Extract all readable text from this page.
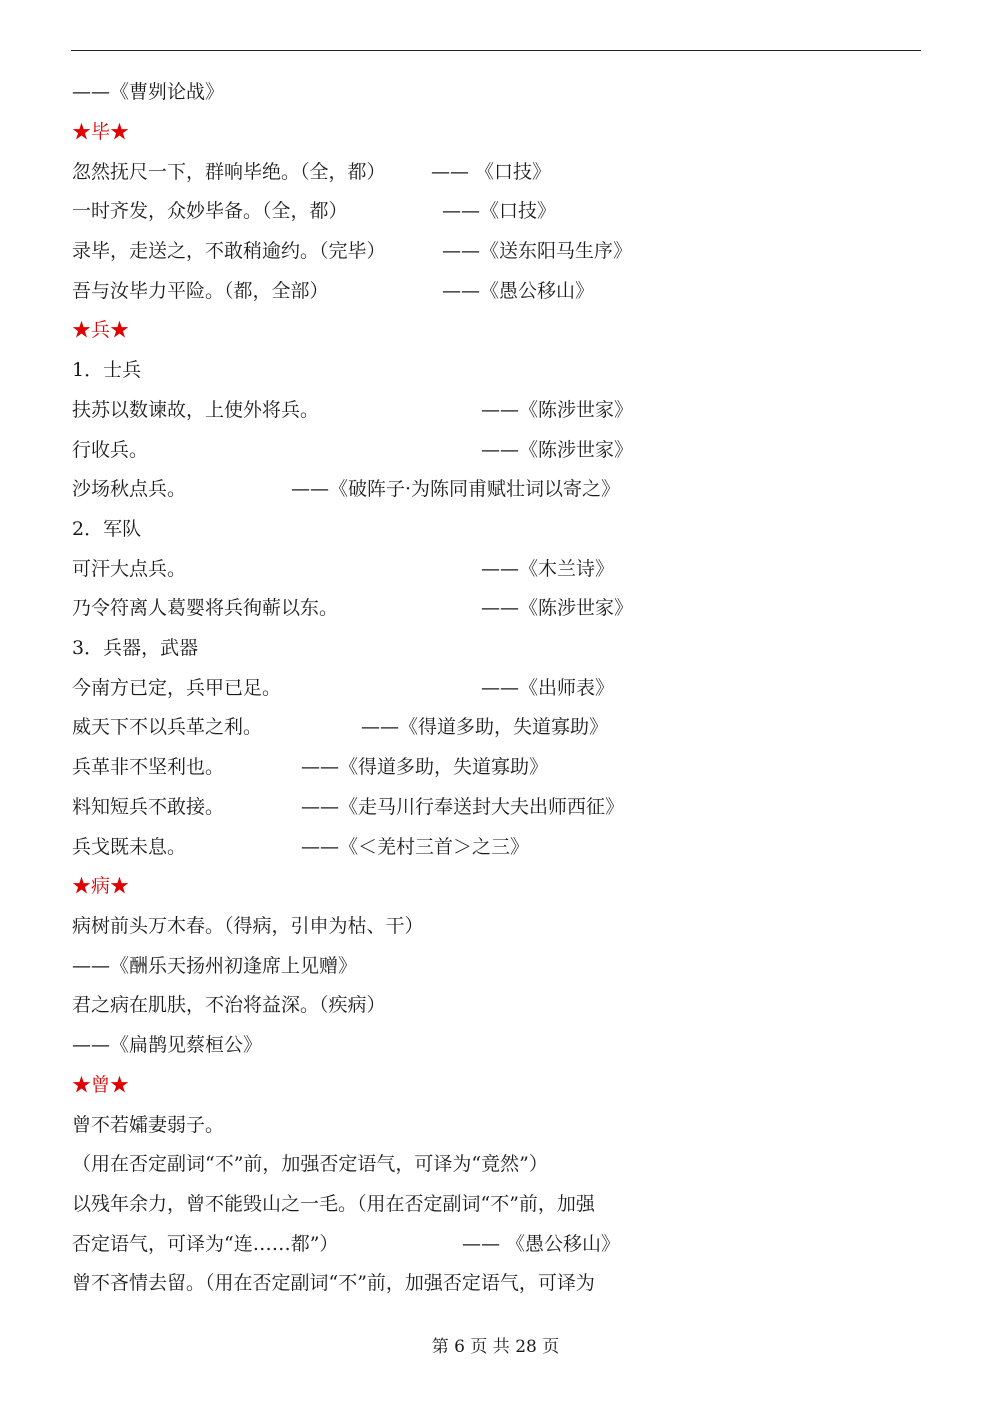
——《曹刿论战》
★毕★
忽然抚尺一下，群响毕绝。（全，都） —— 《口技》
一时齐发，众妙毕备。（全，都）	——《口技》
录毕，走送之，不敢稍逾约。（完毕）	——《送东阳马生序》
吾与汝毕力平险。（都，全部）	——《愚公移山》
★兵★
1．士兵
扶苏以数谏故，上使外将兵。	——《陈涉世家》
行收兵。	——《陈涉世家》
沙场秋点兵。	——《破阵子·为陈同甫赋壮词以寄之》
2．军队
可汗大点兵。	——《木兰诗》
乃令符离人葛婴将兵徇蕲以东。	——《陈涉世家》
3．兵器，武器
今南方已定，兵甲已足。	——《出师表》
威天下不以兵革之利。	——《得道多助，失道寡助》
兵革非不坚利也。	——《得道多助，失道寡助》
料知短兵不敢接。	——《走马川行奉送封大夫出师西征》
兵戈既未息。	——《＜羌村三首＞之三》
★病★
病树前头万木春。（得病，引申为枯、干）
——《酬乐天扬州初逢席上见赠》
君之病在肌肤，不治将益深。（疾病）
——《扁鹊见蔡桓公》
★曾★
曾不若孀妻弱子。
（用在否定副词“不”前，加强否定语气，可译为“竟然”）
以残年余力，曾不能毁山之一毛。（用在否定副词“不”前，加强
否定语气，可译为“连……都”）	—— 《愚公移山》
曾不吝情去留。（用在否定副词“不”前，加强否定语气，可译为
第 6 页 共 28 页
